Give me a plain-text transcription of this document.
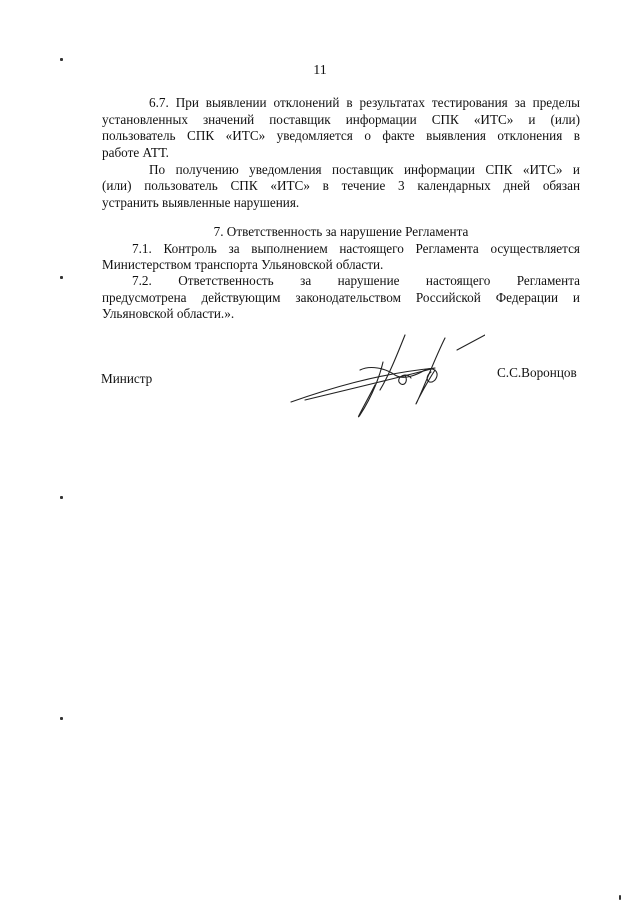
11
6.7. При выявлении отклонений в результатах тестирования за пределы
установленных значений поставщик информации СПК «ИТС» и (или)
пользователь СПК «ИТС» уведомляется о факте выявления отклонения в
работе АТТ.
По получению уведомления поставщик информации СПК «ИТС» и
(или) пользователь СПК «ИТС» в течение 3 календарных дней обязан
устранить выявленные нарушения.
7. Ответственность за нарушение Регламента
7.1. Контроль за выполнением настоящего Регламента осуществляется
Министерством транспорта Ульяновской области.
7.2. Ответственность за нарушение настоящего Регламента
предусмотрена действующим законодательством Российской Федерации и
Ульяновской области.».
Министр	С.С.Воронцов
